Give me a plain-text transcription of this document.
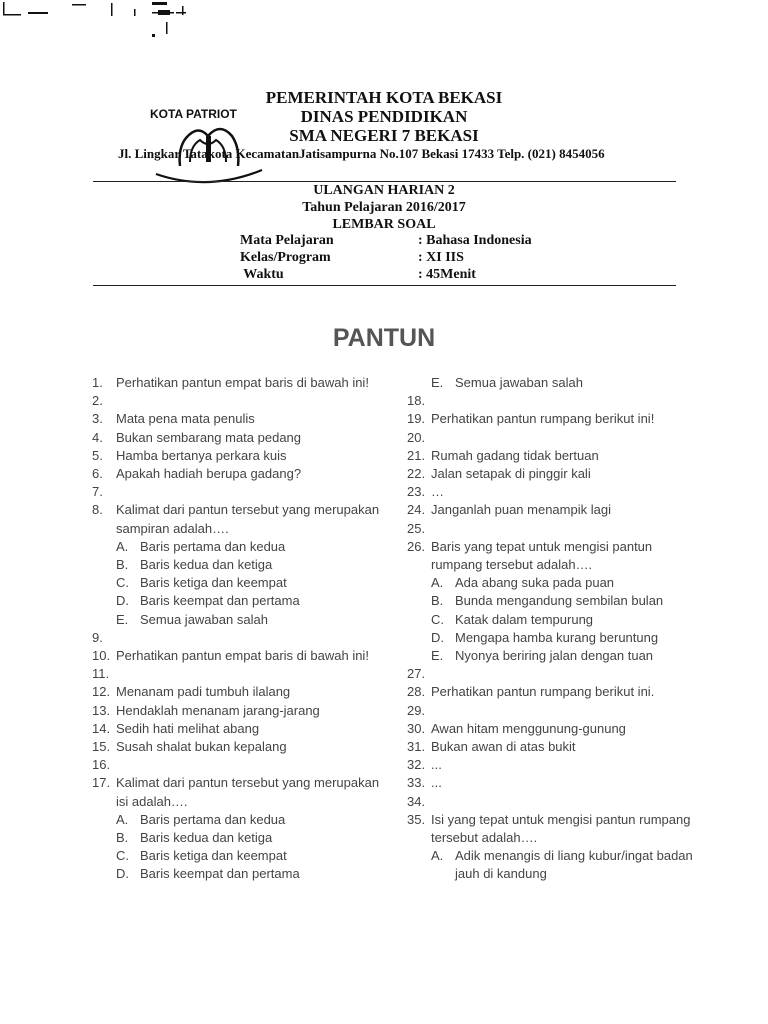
KOTA PATRIOT
PEMERINTAH KOTA BEKASI
DINAS PENDIDIKAN
SMA NEGERI 7 BEKASI
Jl. Lingkar Tatakota KecamatanJatisampurna No.107 Bekasi 17433 Telp. (021) 8454056
ULANGAN HARIAN 2
Tahun Pelajaran 2016/2017
LEMBAR SOAL
Mata Pelajaran	: Bahasa Indonesia
Kelas/Program	: XI IIS
Waktu	: 45Menit
PANTUN
1. Perhatikan pantun empat baris di bawah ini!
2.
3. Mata pena mata penulis
4. Bukan sembarang mata pedang
5. Hamba bertanya perkara kuis
6. Apakah hadiah berupa gadang?
7.
8. Kalimat dari pantun tersebut yang merupakan sampiran adalah….
A. Baris pertama dan kedua
B. Baris kedua dan ketiga
C. Baris ketiga dan keempat
D. Baris keempat dan pertama
E. Semua jawaban salah
9.
10. Perhatikan pantun empat baris di bawah ini!
11.
12. Menanam padi tumbuh ilalang
13. Hendaklah menanam jarang-jarang
14. Sedih hati melihat abang
15. Susah shalat bukan kepalang
16.
17. Kalimat dari pantun tersebut yang merupakan isi adalah….
A. Baris pertama dan kedua
B. Baris kedua dan ketiga
C. Baris ketiga dan keempat
D. Baris keempat dan pertama
E. Semua jawaban salah
18.
19. Perhatikan pantun rumpang berikut ini!
20.
21. Rumah gadang tidak bertuan
22. Jalan setapak di pinggir kali
23. …
24. Janganlah puan menampik lagi
25.
26. Baris yang tepat untuk mengisi pantun rumpang tersebut adalah….
A. Ada abang suka pada puan
B. Bunda mengandung sembilan bulan
C. Katak dalam tempurung
D. Mengapa hamba kurang beruntung
E. Nyonya beriring jalan dengan tuan
27.
28. Perhatikan pantun rumpang berikut ini.
29.
30. Awan hitam menggunung-gunung
31. Bukan awan di atas bukit
32. ...
33. ...
34.
35. Isi yang tepat untuk mengisi pantun rumpang tersebut adalah….
A. Adik menangis di liang kubur/ingat badan jauh di kandung
